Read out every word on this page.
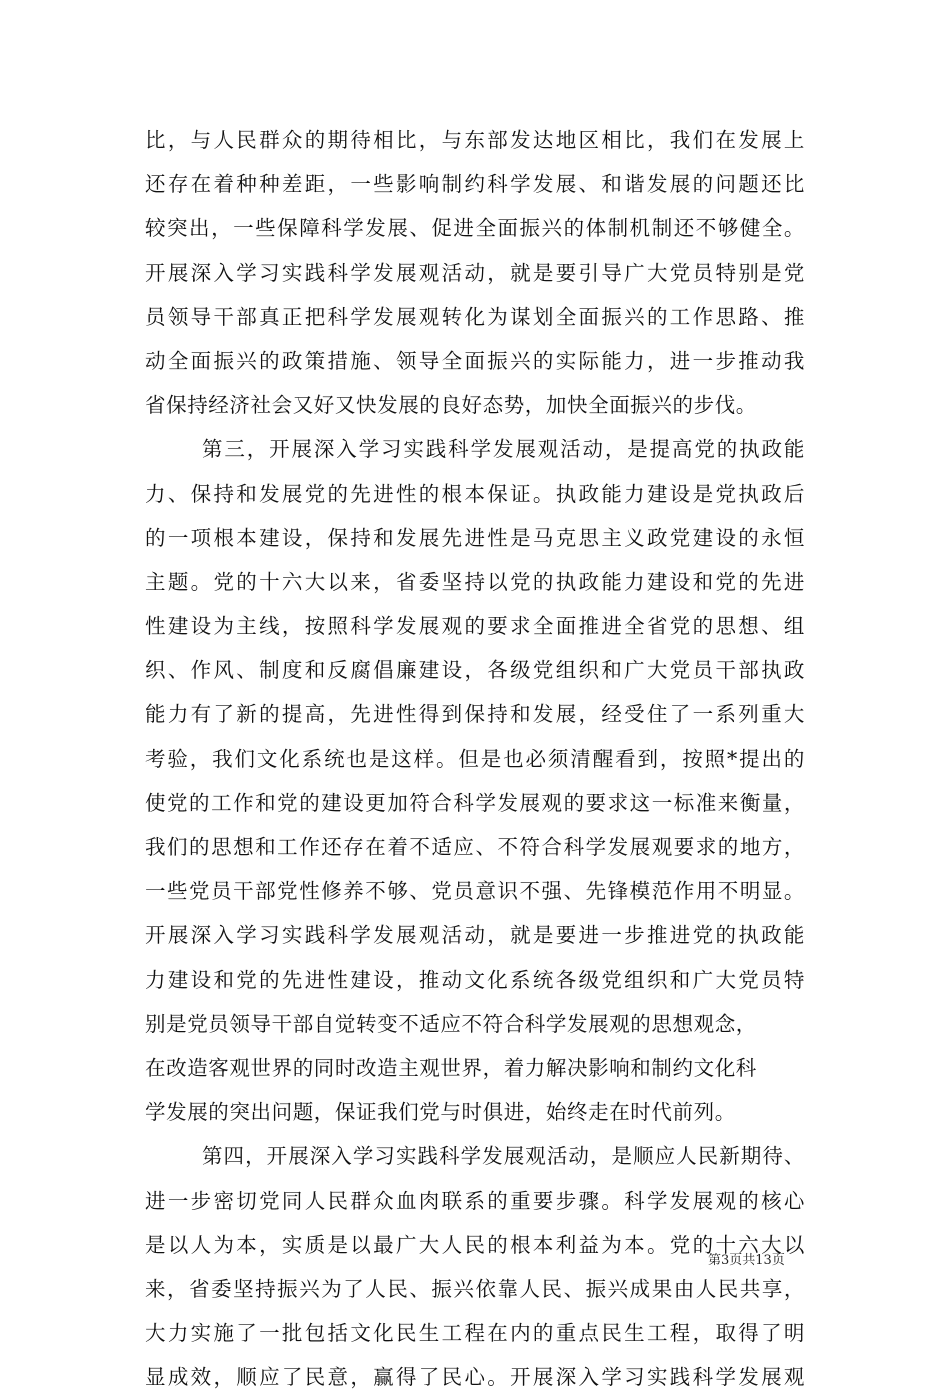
比，与人民群众的期待相比，与东部发达地区相比，我们在发展上
还存在着种种差距，一些影响制约科学发展、和谐发展的问题还比
较突出，一些保障科学发展、促进全面振兴的体制机制还不够健全。
开展深入学习实践科学发展观活动，就是要引导广大党员特别是党
员领导干部真正把科学发展观转化为谋划全面振兴的工作思路、推
动全面振兴的政策措施、领导全面振兴的实际能力，进一步推动我
省保持经济社会又好又快发展的良好态势，加快全面振兴的步伐。
第三，开展深入学习实践科学发展观活动，是提高党的执政能
力、保持和发展党的先进性的根本保证。执政能力建设是党执政后
的一项根本建设，保持和发展先进性是马克思主义政党建设的永恒
主题。党的十六大以来，省委坚持以党的执政能力建设和党的先进
性建设为主线，按照科学发展观的要求全面推进全省党的思想、组
织、作风、制度和反腐倡廉建设，各级党组织和广大党员干部执政
能力有了新的提高，先进性得到保持和发展，经受住了一系列重大
考验，我们文化系统也是这样。但是也必须清醒看到，按照*提出的
使党的工作和党的建设更加符合科学发展观的要求这一标准来衡量，
我们的思想和工作还存在着不适应、不符合科学发展观要求的地方，
一些党员干部党性修养不够、党员意识不强、先锋模范作用不明显。
开展深入学习实践科学发展观活动，就是要进一步推进党的执政能
力建设和党的先进性建设，推动文化系统各级党组织和广大党员特
别是党员领导干部自觉转变不适应不符合科学发展观的思想观念，
在改造客观世界的同时改造主观世界，着力解决影响和制约文化科
学发展的突出问题，保证我们党与时俱进，始终走在时代前列。
第四，开展深入学习实践科学发展观活动，是顺应人民新期待、
进一步密切党同人民群众血肉联系的重要步骤。科学发展观的核心
是以人为本，实质是以最广大人民的根本利益为本。党的十六大以
来，省委坚持振兴为了人民、振兴依靠人民、振兴成果由人民共享，
大力实施了一批包括文化民生工程在内的重点民生工程，取得了明
显成效，顺应了民意，赢得了民心。开展深入学习实践科学发展观
第3页共13页
